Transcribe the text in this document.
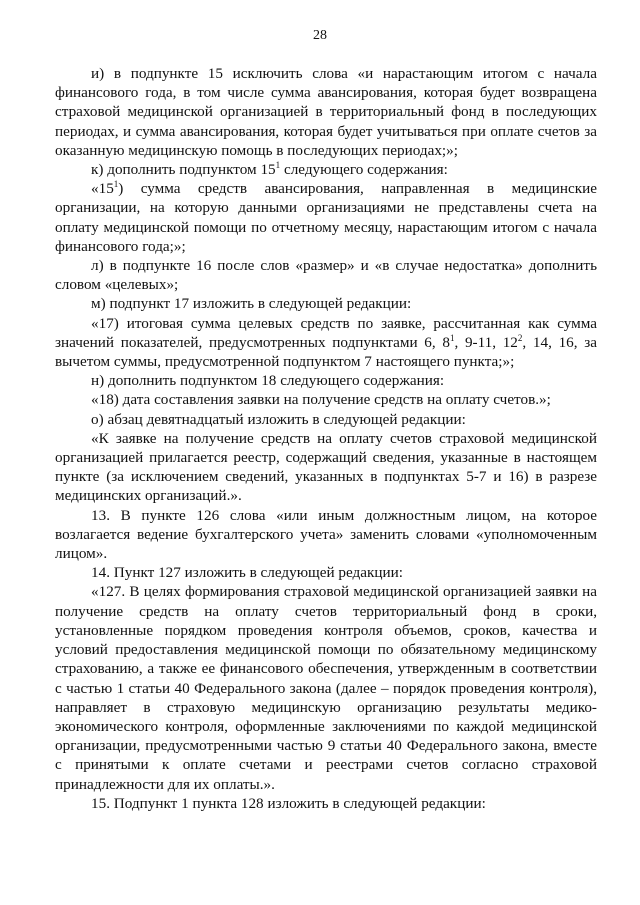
28

и) в подпункте 15 исключить слова «и нарастающим итогом с начала финансового года, в том числе сумма авансирования, которая будет возвращена страховой медицинской организацией в территориальный фонд в последующих периодах, и сумма авансирования, которая будет учитываться при оплате счетов за оказанную медицинскую помощь в последующих периодах;»;

к) дополнить подпунктом $15^1$ следующего содержания:

«$15^1$) сумма средств авансирования, направленная в медицинские организации, на которую данными организациями не представлены счета на оплату медицинской помощи по отчетному месяцу, нарастающим итогом с начала финансового года;»;

л) в подпункте 16 после слов «размер» и «в случае недостатка» дополнить словом «целевых»;

м) подпункт 17 изложить в следующей редакции:

«17) итоговая сумма целевых средств по заявке, рассчитанная как сумма значений показателей, предусмотренных подпунктами 6, $8^1$, 9-11, $12^2$, 14, 16, за вычетом суммы, предусмотренной подпунктом 7 настоящего пункта;»;

н) дополнить подпунктом 18 следующего содержания:

«18) дата составления заявки на получение средств на оплату счетов.»;

о) абзац девятнадцатый изложить в следующей редакции:

«К заявке на получение средств на оплату счетов страховой медицинской организацией прилагается реестр, содержащий сведения, указанные в настоящем пункте (за исключением сведений, указанных в подпунктах 5-7 и 16) в разрезе медицинских организаций.».

13. В пункте 126 слова «или иным должностным лицом, на которое возлагается ведение бухгалтерского учета» заменить словами «уполномоченным лицом».

14. Пункт 127 изложить в следующей редакции:

«127. В целях формирования страховой медицинской организацией заявки на получение средств на оплату счетов территориальный фонд в сроки, установленные порядком проведения контроля объемов, сроков, качества и условий предоставления медицинской помощи по обязательному медицинскому страхованию, а также ее финансового обеспечения, утвержденным в соответствии с частью 1 статьи 40 Федерального закона (далее – порядок проведения контроля), направляет в страховую медицинскую организацию результаты медико-экономического контроля, оформленные заключениями по каждой медицинской организации, предусмотренными частью 9 статьи 40 Федерального закона, вместе с принятыми к оплате счетами и реестрами счетов согласно страховой принадлежности для их оплаты.».

15. Подпункт 1 пункта 128 изложить в следующей редакции:
